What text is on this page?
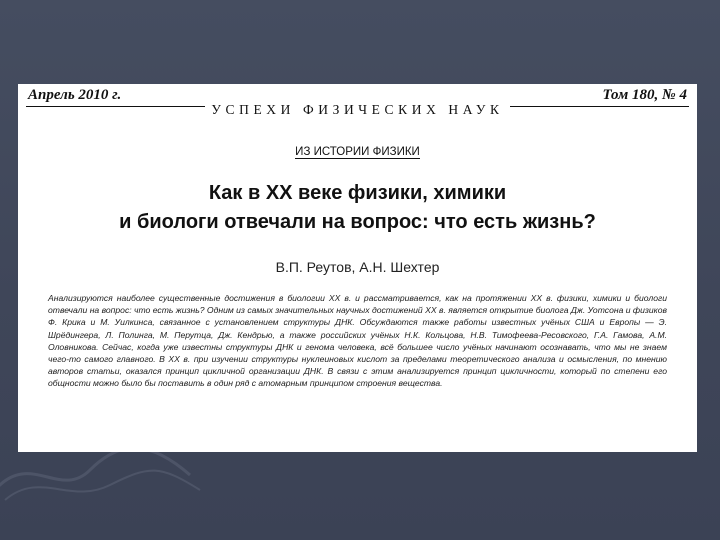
Апрель 2010 г.	Том 180, № 4
УСПЕХИ ФИЗИЧЕСКИХ НАУК
ИЗ ИСТОРИИ ФИЗИКИ
Как в XX веке физики, химики
и биологи отвечали на вопрос: что есть жизнь?
В.П. Реутов, А.Н. Шехтер
Анализируются наиболее существенные достижения в биологии XX в. и рассматривается, как на протяжении XX в. физики, химики и биологи отвечали на вопрос: что есть жизнь? Одним из самых значительных научных достижений XX в. является открытие биолога Дж. Уотсона и физиков Ф. Крика и М. Уилкинса, связанное с установлением структуры ДНК. Обсуждаются также работы известных учёных США и Европы — Э. Шрёдингера, Л. Полинга, М. Перутца, Дж. Кендрью, а также российских учёных Н.К. Кольцова, Н.В. Тимофеева-Ресовского, Г.А. Гамова, А.М. Оловникова. Сейчас, когда уже известны структуры ДНК и генома человека, всё большее число учёных начинают осознавать, что мы не знаем чего-то самого главного. В XX в. при изучении структуры нуклеиновых кислот за пределами теоретического анализа и осмысления, по мнению авторов статьи, оказался принцип цикличной организации ДНК. В связи с этим анализируется принцип цикличности, который по степени его общности можно было бы поставить в один ряд с атомарным принципом строения вещества.
